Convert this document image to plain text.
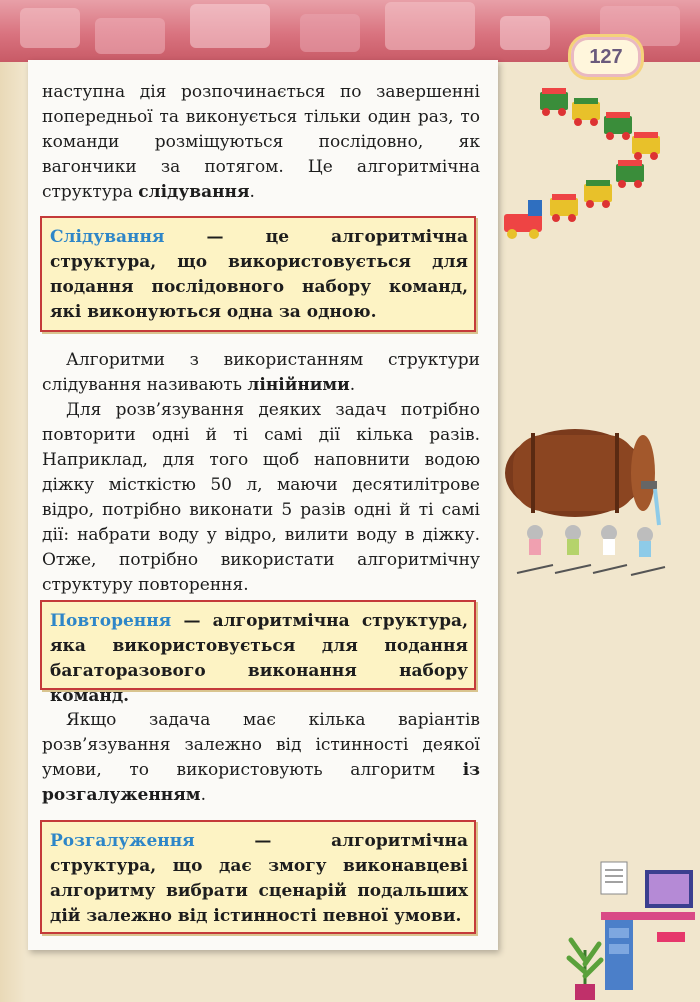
127
наступна дія розпочинається по завершенні попередньої та виконується тільки один раз, то команди розміщуються послідовно, як вагончики за потягом. Це алгоритмічна структура слідування.
Слідування — це алгоритмічна структура, що використовується для подання послідовного набору команд, які виконуються одна за одною.
Алгоритми з використанням структури слідування називають лінійними.
Для розв’язування деяких задач потрібно повторити одні й ті самі дії кілька разів. Наприклад, для того щоб наповнити водою діжку місткістю 50 л, маючи десятилітрове відро, потрібно виконати 5 разів одні й ті самі дії: набрати воду у відро, вилити воду в діжку. Отже, потрібно використати алгоритмічну структуру повторення.
Повторення — алгоритмічна структура, яка використовується для подання багаторазового виконання набору команд.
Якщо задача має кілька варіантів розв’язування залежно від істинності деякої умови, то використовують алгоритм із розгалуженням.
Розгалуження — алгоритмічна структура, що дає змогу виконавцеві алгоритму вибрати сценарій подальших дій залежно від істинності певної умови.
